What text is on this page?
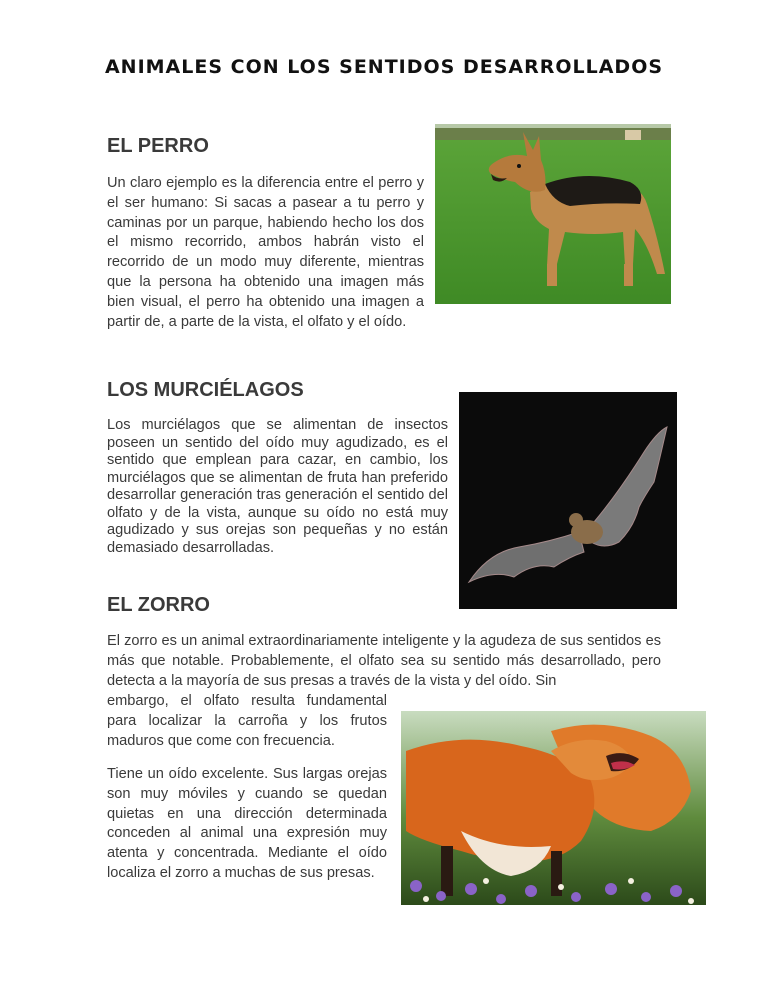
ANIMALES CON LOS SENTIDOS DESARROLLADOS
EL PERRO

Un claro ejemplo es la diferencia entre el perro y el ser humano: Si sacas a pasear a tu perro y caminas por un parque, habiendo hecho los dos el mismo recorrido, ambos habrán visto el recorrido de un modo muy diferente, mientras que la persona ha obtenido una imagen más bien visual, el perro ha obtenido una imagen a partir de, a parte de la vista, el olfato y el oído.

LOS MURCIÉLAGOS

Los murciélagos que se alimentan de insectos poseen un sentido del oído muy agudizado, es el sentido que emplean para cazar, en cambio, los murciélagos que se alimentan de fruta han preferido desarrollar generación tras generación el sentido del olfato y de la vista, aunque su oído no está muy agudizado y sus orejas son pequeñas y no están demasiado desarrolladas.

EL ZORRO

El zorro es un animal extraordinariamente inteligente y la agudeza de sus sentidos es más que notable. Probablemente, el olfato sea su sentido más desarrollado, pero detecta a la mayoría de sus presas a través de la vista y del oído. Sin

embargo, el olfato resulta fundamental para localizar la carroña y los frutos maduros que come con frecuencia.

Tiene un oído excelente. Sus largas orejas son muy móviles y cuando se quedan quietas en una dirección determinada conceden al animal una expresión muy atenta y concentrada. Mediante el oído localiza el zorro a muchas de sus presas.
